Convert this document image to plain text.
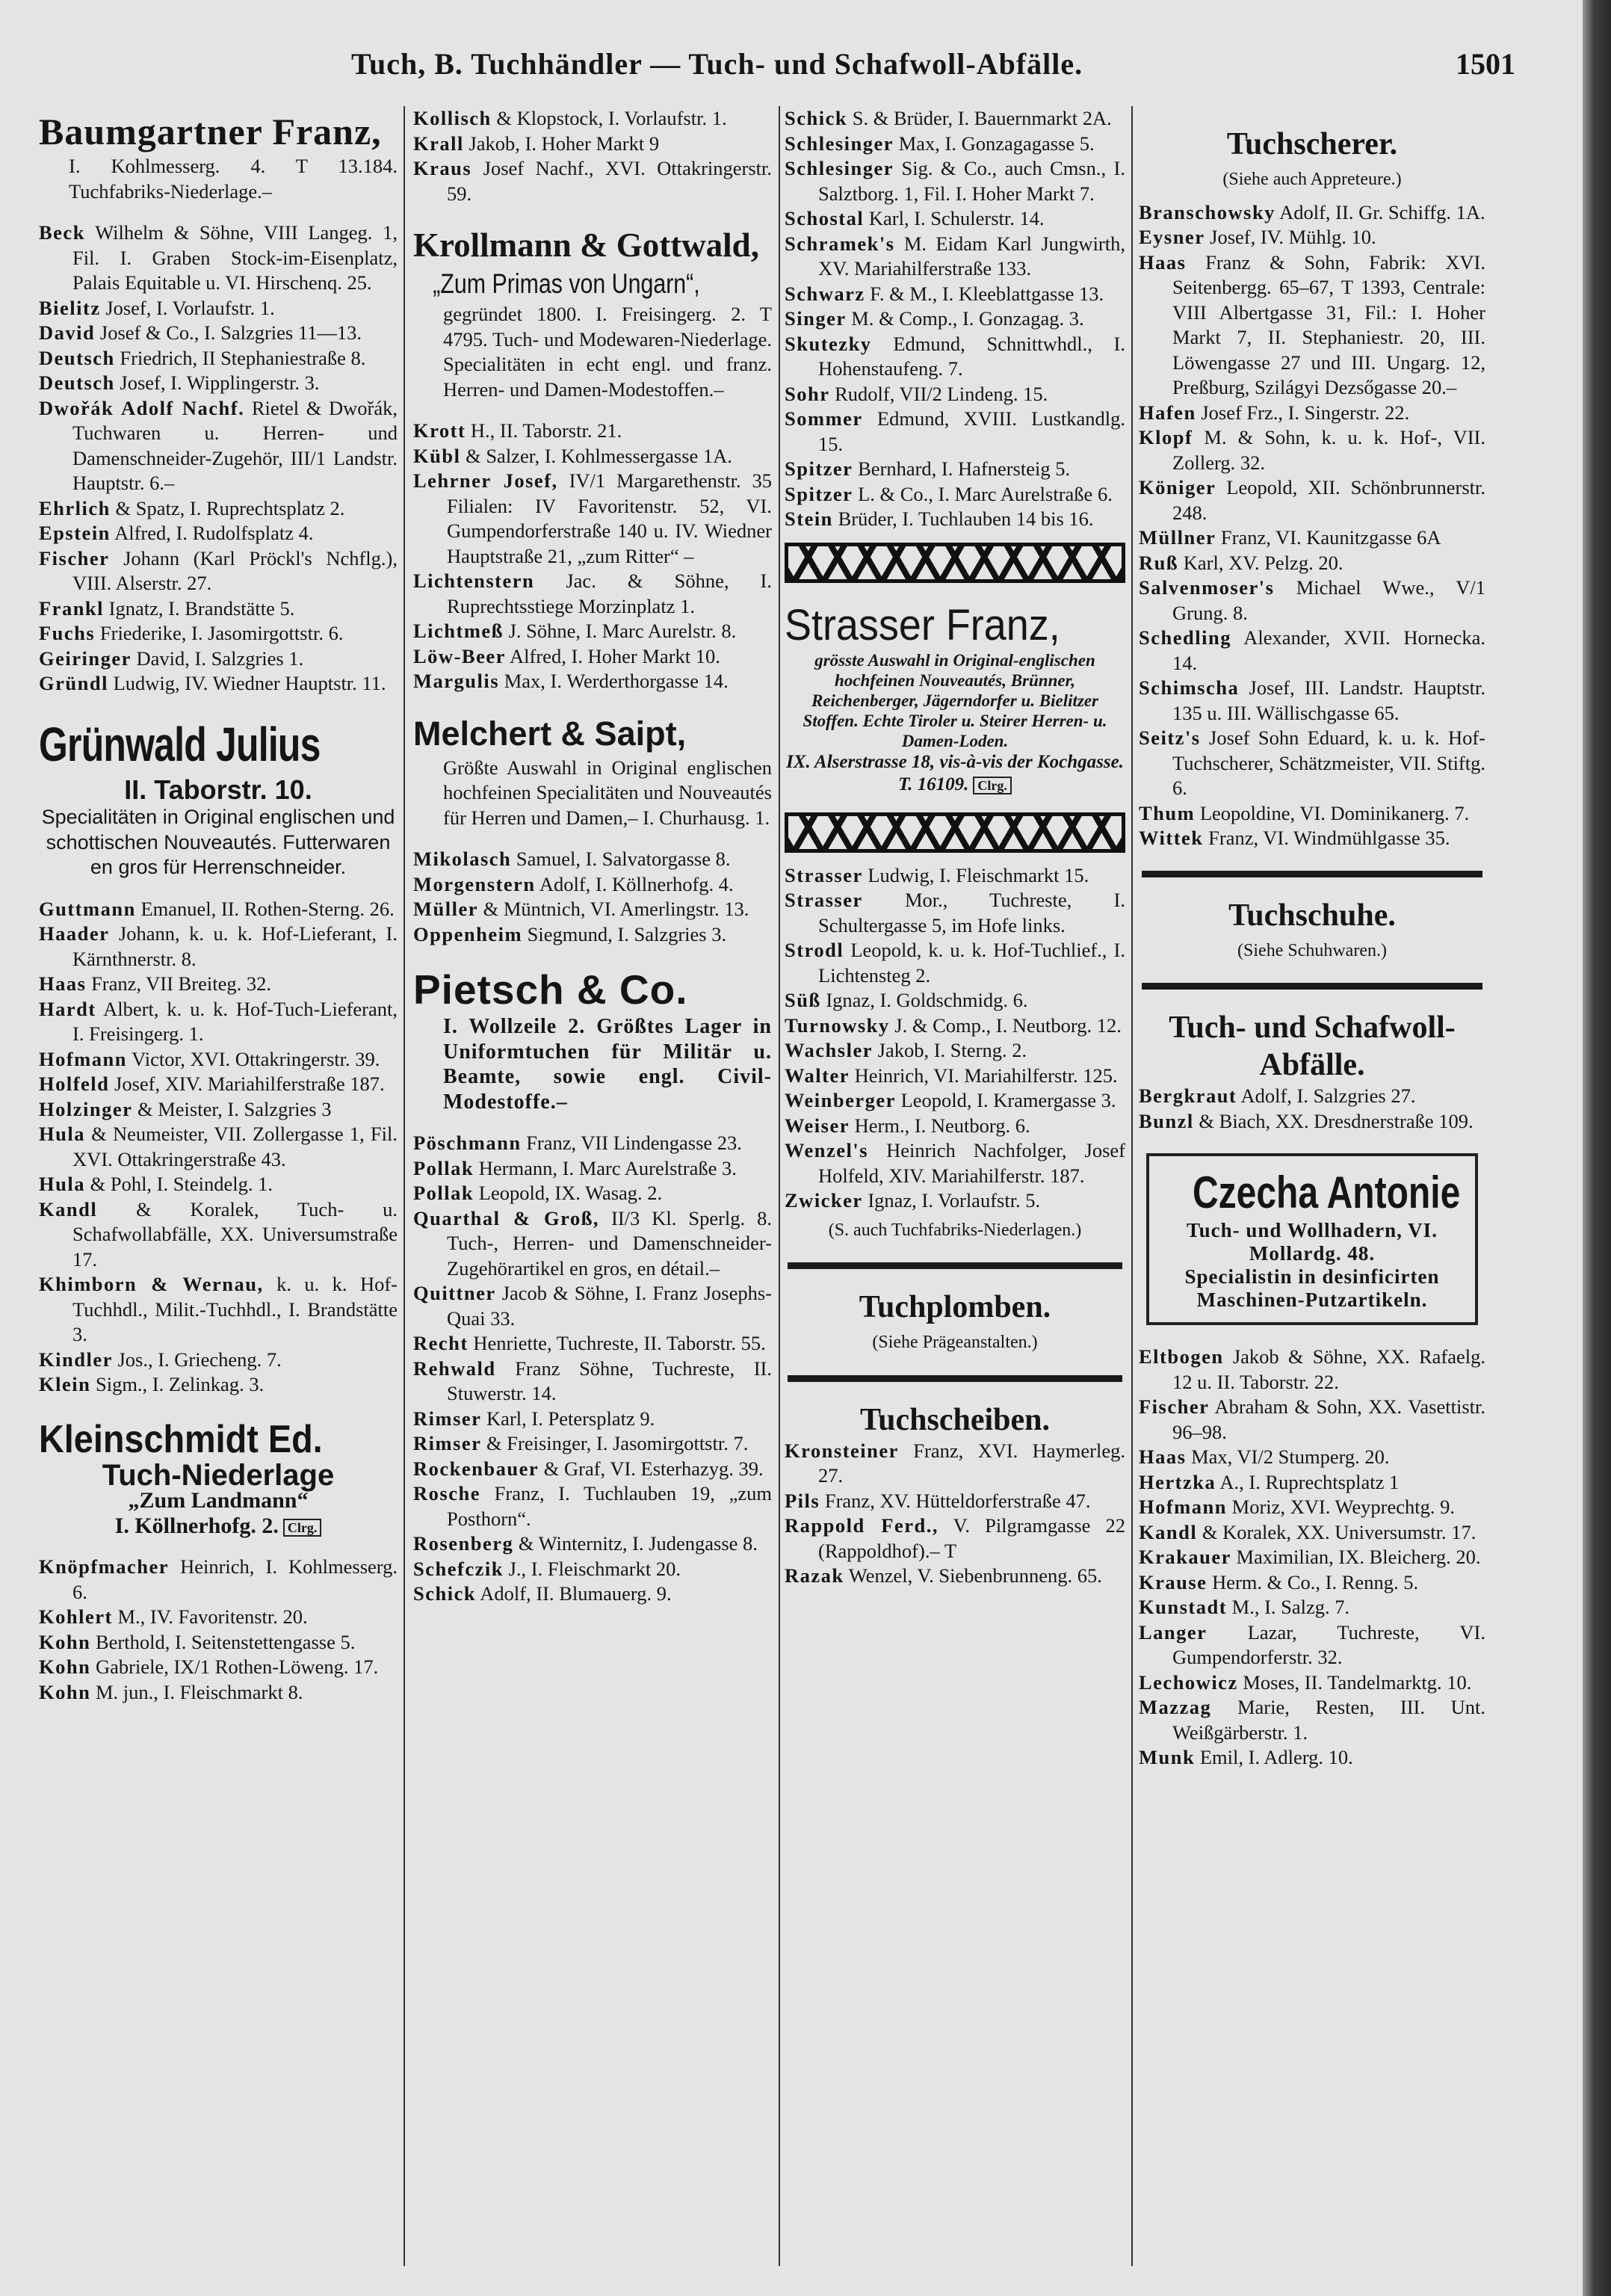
Tuch, B. Tuchhändler — Tuch- und Schafwoll-Abfälle.	1501
Baumgartner Franz,
I. Kohlmesserg. 4. T 13.184. Tuchfabriks-Niederlage.–
Beck Wilhelm & Söhne, VIII Langeg. 1, Fil. I. Graben Stock-im-Eisenplatz, Palais Equitable u. VI. Hirschenq. 25.
Bielitz Josef, I. Vorlaufstr. 1.
David Josef & Co., I. Salzgries 11—13.
Deutsch Friedrich, II Stephaniestraße 8.
Deutsch Josef, I. Wipplingerstr. 3.
Dwořák Adolf Nachf. Rietel & Dwořák, Tuchwaren u. Herren- und Damenschneider-Zugehör, III/1 Landstr. Hauptstr. 6.–
Ehrlich & Spatz, I. Ruprechtsplatz 2.
Epstein Alfred, I. Rudolfsplatz 4.
Fischer Johann (Karl Pröckl's Nchflg.), VIII. Alserstr. 27.
Frankl Ignatz, I. Brandstätte 5.
Fuchs Friederike, I. Jasomirgottstr. 6.
Geiringer David, I. Salzgries 1.
Gründl Ludwig, IV. Wiedner Hauptstr. 11.
Grünwald Julius
II. Taborstr. 10.
Specialitäten in Original englischen und schottischen Nouveautés. Futterwaren en gros für Herrenschneider.
Guttmann Emanuel, II. Rothen-Sterng. 26.
Haader Johann, k. u. k. Hof-Lieferant, I. Kärnthnerstr. 8.
Haas Franz, VII Breiteg. 32.
Hardt Albert, k. u. k. Hof-Tuch-Lieferant, I. Freisingerg. 1.
Hofmann Victor, XVI. Ottakringerstr. 39.
Holfeld Josef, XIV. Mariahilferstraße 187.
Holzinger & Meister, I. Salzgries 3
Hula & Neumeister, VII. Zollergasse 1, Fil. XVI. Ottakringerstraße 43.
Hula & Pohl, I. Steindelg. 1.
Kandl & Koralek, Tuch- u. Schafwollabfälle, XX. Universumstraße 17.
Khimborn & Wernau, k. u. k. Hof-Tuchhdl., Milit.-Tuchhdl., I. Brandstätte 3.
Kindler Jos., I. Griecheng. 7.
Klein Sigm., I. Zelinkag. 3.
Kleinschmidt Ed.
Tuch-Niederlage
„Zum Landmann“
I. Köllnerhofg. 2. Clrg.
Knöpfmacher Heinrich, I. Kohlmesserg. 6.
Kohlert M., IV. Favoritenstr. 20.
Kohn Berthold, I. Seitenstettengasse 5.
Kohn Gabriele, IX/1 Rothen-Löweng. 17.
Kohn M. jun., I. Fleischmarkt 8.
Kollisch & Klopstock, I. Vorlaufstr. 1.
Krall Jakob, I. Hoher Markt 9
Kraus Josef Nachf., XVI. Ottakringerstr. 59.
Krollmann & Gottwald,
„Zum Primas von Ungarn“,
gegründet 1800. I. Freisingerg. 2. T 4795. Tuch- und Modewaren-Niederlage. Specialitäten in echt engl. und franz. Herren- und Damen-Modestoffen.–
Krott H., II. Taborstr. 21.
Kübl & Salzer, I. Kohlmessergasse 1A.
Lehrner Josef, IV/1 Margarethenstr. 35 Filialen: IV Favoritenstr. 52, VI. Gumpendorferstraße 140 u. IV. Wiedner Hauptstraße 21, „zum Ritter“ –
Lichtenstern Jac. & Söhne, I. Ruprechtsstiege Morzinplatz 1.
Lichtmeß J. Söhne, I. Marc Aurelstr. 8.
Löw-Beer Alfred, I. Hoher Markt 10.
Margulis Max, I. Werderthorgasse 14.
Melchert & Saipt,
Größte Auswahl in Original englischen hochfeinen Specialitäten und Nouveautés für Herren und Damen,– I. Churhausg. 1.
Mikolasch Samuel, I. Salvatorgasse 8.
Morgenstern Adolf, I. Köllnerhofg. 4.
Müller & Müntnich, VI. Amerlingstr. 13.
Oppenheim Siegmund, I. Salzgries 3.
Pietsch & Co.
I. Wollzeile 2. Größtes Lager in Uniformtuchen für Militär u. Beamte, sowie engl. Civil-Modestoffe.–
Pöschmann Franz, VII Lindengasse 23.
Pollak Hermann, I. Marc Aurelstraße 3.
Pollak Leopold, IX. Wasag. 2.
Quarthal & Groß, II/3 Kl. Sperlg. 8. Tuch-, Herren- und Damenschneider-Zugehörartikel en gros, en détail.–
Quittner Jacob & Söhne, I. Franz Josephs-Quai 33.
Recht Henriette, Tuchreste, II. Taborstr. 55.
Rehwald Franz Söhne, Tuchreste, II. Stuwerstr. 14.
Rimser Karl, I. Petersplatz 9.
Rimser & Freisinger, I. Jasomirgottstr. 7.
Rockenbauer & Graf, VI. Esterhazyg. 39.
Rosche Franz, I. Tuchlauben 19, „zum Posthorn“.
Rosenberg & Winternitz, I. Judengasse 8.
Schefczik J., I. Fleischmarkt 20.
Schick Adolf, II. Blumauerg. 9.
Schick S. & Brüder, I. Bauernmarkt 2A.
Schlesinger Max, I. Gonzagagasse 5.
Schlesinger Sig. & Co., auch Cmsn., I. Salztborg. 1, Fil. I. Hoher Markt 7.
Schostal Karl, I. Schulerstr. 14.
Schramek's M. Eidam Karl Jungwirth, XV. Mariahilferstraße 133.
Schwarz F. & M., I. Kleeblattgasse 13.
Singer M. & Comp., I. Gonzagag. 3.
Skutezky Edmund, Schnittwhdl., I. Hohenstaufeng. 7.
Sohr Rudolf, VII/2 Lindeng. 15.
Sommer Edmund, XVIII. Lustkandlg. 15.
Spitzer Bernhard, I. Hafnersteig 5.
Spitzer L. & Co., I. Marc Aurelstraße 6.
Stein Brüder, I. Tuchlauben 14 bis 16.
Strasser Franz,
grösste Auswahl in Original-englischen hochfeinen Nouveautés, Brünner, Reichenberger, Jägerndorfer u. Bielitzer Stoffen. Echte Tiroler u. Steirer Herren- u. Damen-Loden.
IX. Alserstrasse 18, vis-à-vis der Kochgasse. T. 16109. Clrg.
Strasser Ludwig, I. Fleischmarkt 15.
Strasser Mor., Tuchreste, I. Schultergasse 5, im Hofe links.
Strodl Leopold, k. u. k. Hof-Tuchlief., I. Lichtensteg 2.
Süß Ignaz, I. Goldschmidg. 6.
Turnowsky J. & Comp., I. Neutborg. 12.
Wachsler Jakob, I. Sterng. 2.
Walter Heinrich, VI. Mariahilferstr. 125.
Weinberger Leopold, I. Kramergasse 3.
Weiser Herm., I. Neutborg. 6.
Wenzel's Heinrich Nachfolger, Josef Holfeld, XIV. Mariahilferstr. 187.
Zwicker Ignaz, I. Vorlaufstr. 5.
(S. auch Tuchfabriks-Niederlagen.)
Tuchplomben.
(Siehe Prägeanstalten.)
Tuchscheiben.
Kronsteiner Franz, XVI. Haymerleg. 27.
Pils Franz, XV. Hütteldorferstraße 47.
Rappold Ferd., V. Pilgramgasse 22 (Rappoldhof).– T
Razak Wenzel, V. Siebenbrunneng. 65.
Tuchscherer.
(Siehe auch Appreteure.)
Branschowsky Adolf, II. Gr. Schiffg. 1A.
Eysner Josef, IV. Mühlg. 10.
Haas Franz & Sohn, Fabrik: XVI. Seitenbergg. 65–67, T 1393, Centrale: VIII Albertgasse 31, Fil.: I. Hoher Markt 7, II. Stephaniestr. 20, III. Löwengasse 27 und III. Ungarg. 12, Preßburg, Szilágyi Dezsőgasse 20.–
Hafen Josef Frz., I. Singerstr. 22.
Klopf M. & Sohn, k. u. k. Hof-, VII. Zollerg. 32.
Königer Leopold, XII. Schönbrunnerstr. 248.
Müllner Franz, VI. Kaunitzgasse 6A
Ruß Karl, XV. Pelzg. 20.
Salvenmoser's Michael Wwe., V/1 Grung. 8.
Schedling Alexander, XVII. Hornecka. 14.
Schimscha Josef, III. Landstr. Hauptstr. 135 u. III. Wällischgasse 65.
Seitz's Josef Sohn Eduard, k. u. k. Hof-Tuchscherer, Schätzmeister, VII. Stiftg. 6.
Thum Leopoldine, VI. Dominikanerg. 7.
Wittek Franz, VI. Windmühlgasse 35.
Tuchschuhe.
(Siehe Schuhwaren.)
Tuch- und Schafwoll-Abfälle.
Bergkraut Adolf, I. Salzgries 27.
Bunzl & Biach, XX. Dresdnerstraße 109.
Czecha Antonie
Tuch- und Wollhadern, VI. Mollardg. 48.
Specialistin in desinficirten Maschinen-Putzartikeln.
Eltbogen Jakob & Söhne, XX. Rafaelg. 12 u. II. Taborstr. 22.
Fischer Abraham & Sohn, XX. Vasettistr. 96–98.
Haas Max, VI/2 Stumperg. 20.
Hertzka A., I. Ruprechtsplatz 1
Hofmann Moriz, XVI. Weyprechtg. 9.
Kandl & Koralek, XX. Universumstr. 17.
Krakauer Maximilian, IX. Bleicherg. 20.
Krause Herm. & Co., I. Renng. 5.
Kunstadt M., I. Salzg. 7.
Langer Lazar, Tuchreste, VI. Gumpendorferstr. 32.
Lechowicz Moses, II. Tandelmarktg. 10.
Mazzag Marie, Resten, III. Unt. Weißgärberstr. 1.
Munk Emil, I. Adlerg. 10.
